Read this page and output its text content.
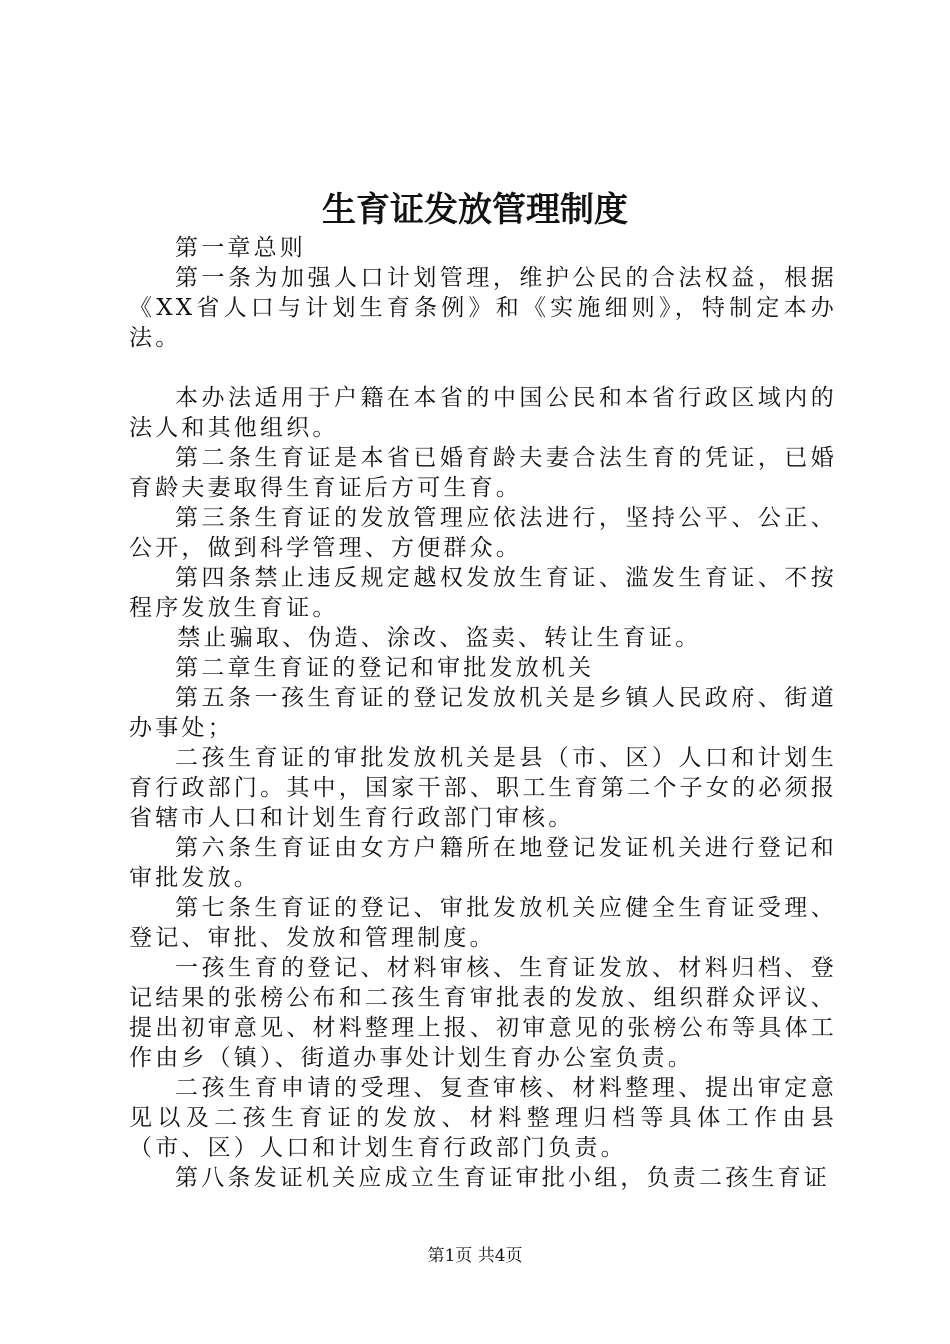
生育证发放管理制度

第一章总则

第一条为加强人口计划管理，维护公民的合法权益，根据《XX省人口与计划生育条例》和《实施细则》，特制定本办法。

本办法适用于户籍在本省的中国公民和本省行政区域内的法人和其他组织。

第二条生育证是本省已婚育龄夫妻合法生育的凭证，已婚育龄夫妻取得生育证后方可生育。

第三条生育证的发放管理应依法进行，坚持公平、公正、公开，做到科学管理、方便群众。

第四条禁止违反规定越权发放生育证、滥发生育证、不按程序发放生育证。

禁止骗取、伪造、涂改、盗卖、转让生育证。

第二章生育证的登记和审批发放机关

第五条一孩生育证的登记发放机关是乡镇人民政府、街道办事处；

二孩生育证的审批发放机关是县（市、区）人口和计划生育行政部门。其中，国家干部、职工生育第二个子女的必须报省辖市人口和计划生育行政部门审核。

第六条生育证由女方户籍所在地登记发证机关进行登记和审批发放。

第七条生育证的登记、审批发放机关应健全生育证受理、登记、审批、发放和管理制度。

一孩生育的登记、材料审核、生育证发放、材料归档、登记结果的张榜公布和二孩生育审批表的发放、组织群众评议、提出初审意见、材料整理上报、初审意见的张榜公布等具体工作由乡（镇）、街道办事处计划生育办公室负责。

二孩生育申请的受理、复查审核、材料整理、提出审定意见以及二孩生育证的发放、材料整理归档等具体工作由县（市、区）人口和计划生育行政部门负责。

第八条发证机关应成立生育证审批小组，负责二孩生育证

第1页 共4页
